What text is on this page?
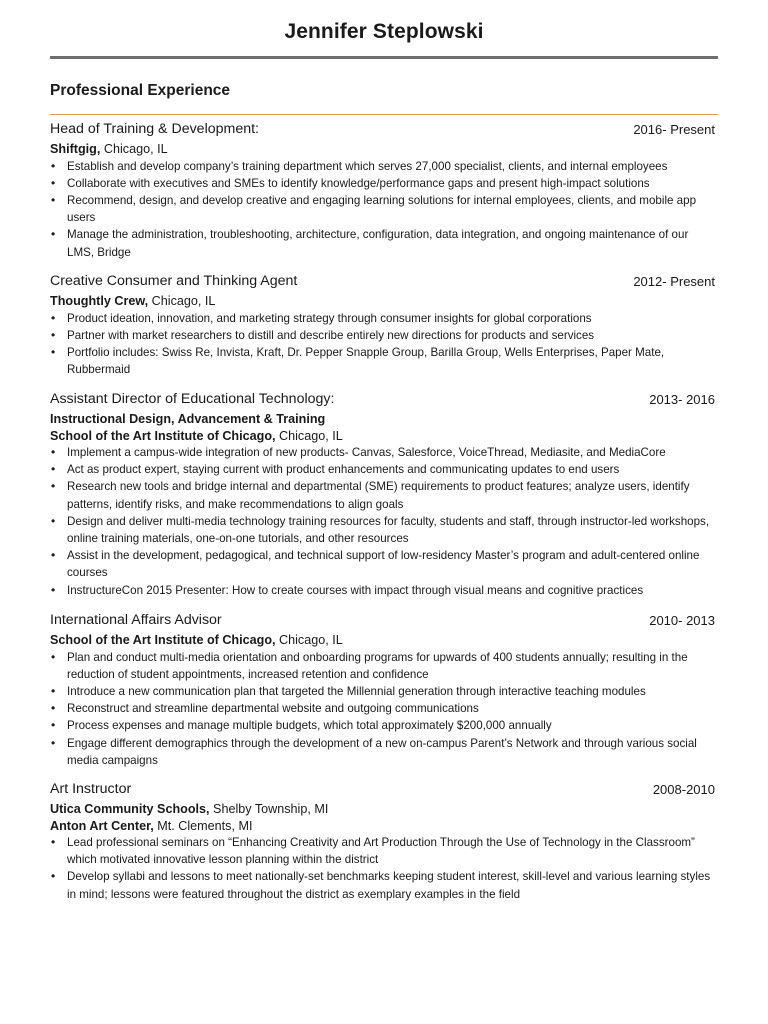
Jennifer Steplowski
Professional Experience
Head of Training & Development:	2016- Present
Shiftgig, Chicago, IL
• Establish and develop company’s training department which serves 27,000 specialist, clients, and internal employees
• Collaborate with executives and SMEs to identify knowledge/performance gaps and present high-impact solutions
• Recommend, design, and develop creative and engaging learning solutions for internal employees, clients, and mobile app users
• Manage the administration, troubleshooting, architecture, configuration, data integration, and ongoing maintenance of our LMS, Bridge
Creative Consumer and Thinking Agent	2012- Present
Thoughtly Crew, Chicago, IL
• Product ideation, innovation, and marketing strategy through consumer insights for global corporations
• Partner with market researchers to distill and describe entirely new directions for products and services
• Portfolio includes: Swiss Re, Invista, Kraft, Dr. Pepper Snapple Group, Barilla Group, Wells Enterprises, Paper Mate, Rubbermaid
Assistant Director of Educational Technology:	2013- 2016
Instructional Design, Advancement & Training
School of the Art Institute of Chicago, Chicago, IL
• Implement a campus-wide integration of new products- Canvas, Salesforce, VoiceThread, Mediasite, and MediaCore
• Act as product expert, staying current with product enhancements and communicating updates to end users
• Research new tools and bridge internal and departmental (SME) requirements to product features; analyze users, identify patterns, identify risks, and make recommendations to align goals
• Design and deliver multi-media technology training resources for faculty, students and staff, through instructor-led workshops, online training materials, one-on-one tutorials, and other resources
• Assist in the development, pedagogical, and technical support of low-residency Master’s program and adult-centered online courses
• InstructureCon 2015 Presenter: How to create courses with impact through visual means and cognitive practices
International Affairs Advisor	2010- 2013
School of the Art Institute of Chicago, Chicago, IL
• Plan and conduct multi-media orientation and onboarding programs for upwards of 400 students annually; resulting in the reduction of student appointments, increased retention and confidence
• Introduce a new communication plan that targeted the Millennial generation through interactive teaching modules
• Reconstruct and streamline departmental website and outgoing communications
• Process expenses and manage multiple budgets, which total approximately $200,000 annually
• Engage different demographics through the development of a new on-campus Parent’s Network and through various social media campaigns
Art Instructor	2008-2010
Utica Community Schools, Shelby Township, MI
Anton Art Center, Mt. Clements, MI
• Lead professional seminars on “Enhancing Creativity and Art Production Through the Use of Technology in the Classroom” which motivated innovative lesson planning within the district
• Develop syllabi and lessons to meet nationally-set benchmarks keeping student interest, skill-level and various learning styles in mind; lessons were featured throughout the district as exemplary examples in the field
